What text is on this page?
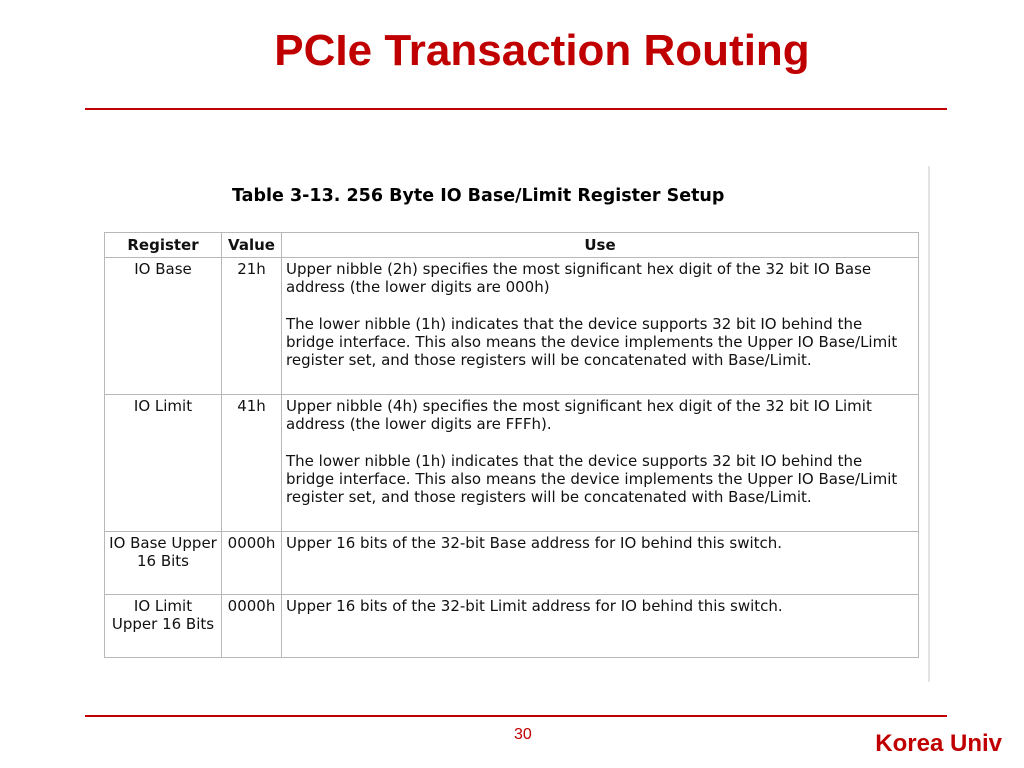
PCIe Transaction Routing
Table 3-13. 256 Byte IO Base/Limit Register Setup
Register	Value	Use
IO Base	21h	Upper nibble (2h) specifies the most significant hex digit of the 32 bit IO Base address (the lower digits are 000h)

The lower nibble (1h) indicates that the device supports 32 bit IO behind the bridge interface. This also means the device implements the Upper IO Base/Limit register set, and those registers will be concatenated with Base/Limit.

IO Limit	41h	Upper nibble (4h) specifies the most significant hex digit of the 32 bit IO Limit address (the lower digits are FFFh).

The lower nibble (1h) indicates that the device supports 32 bit IO behind the bridge interface. This also means the device implements the Upper IO Base/Limit register set, and those registers will be concatenated with Base/Limit.

IO Base Upper 16 Bits	0000h	Upper 16 bits of the 32-bit Base address for IO behind this switch.

IO Limit Upper 16 Bits	0000h	Upper 16 bits of the 32-bit Limit address for IO behind this switch.

30	Korea Univ
